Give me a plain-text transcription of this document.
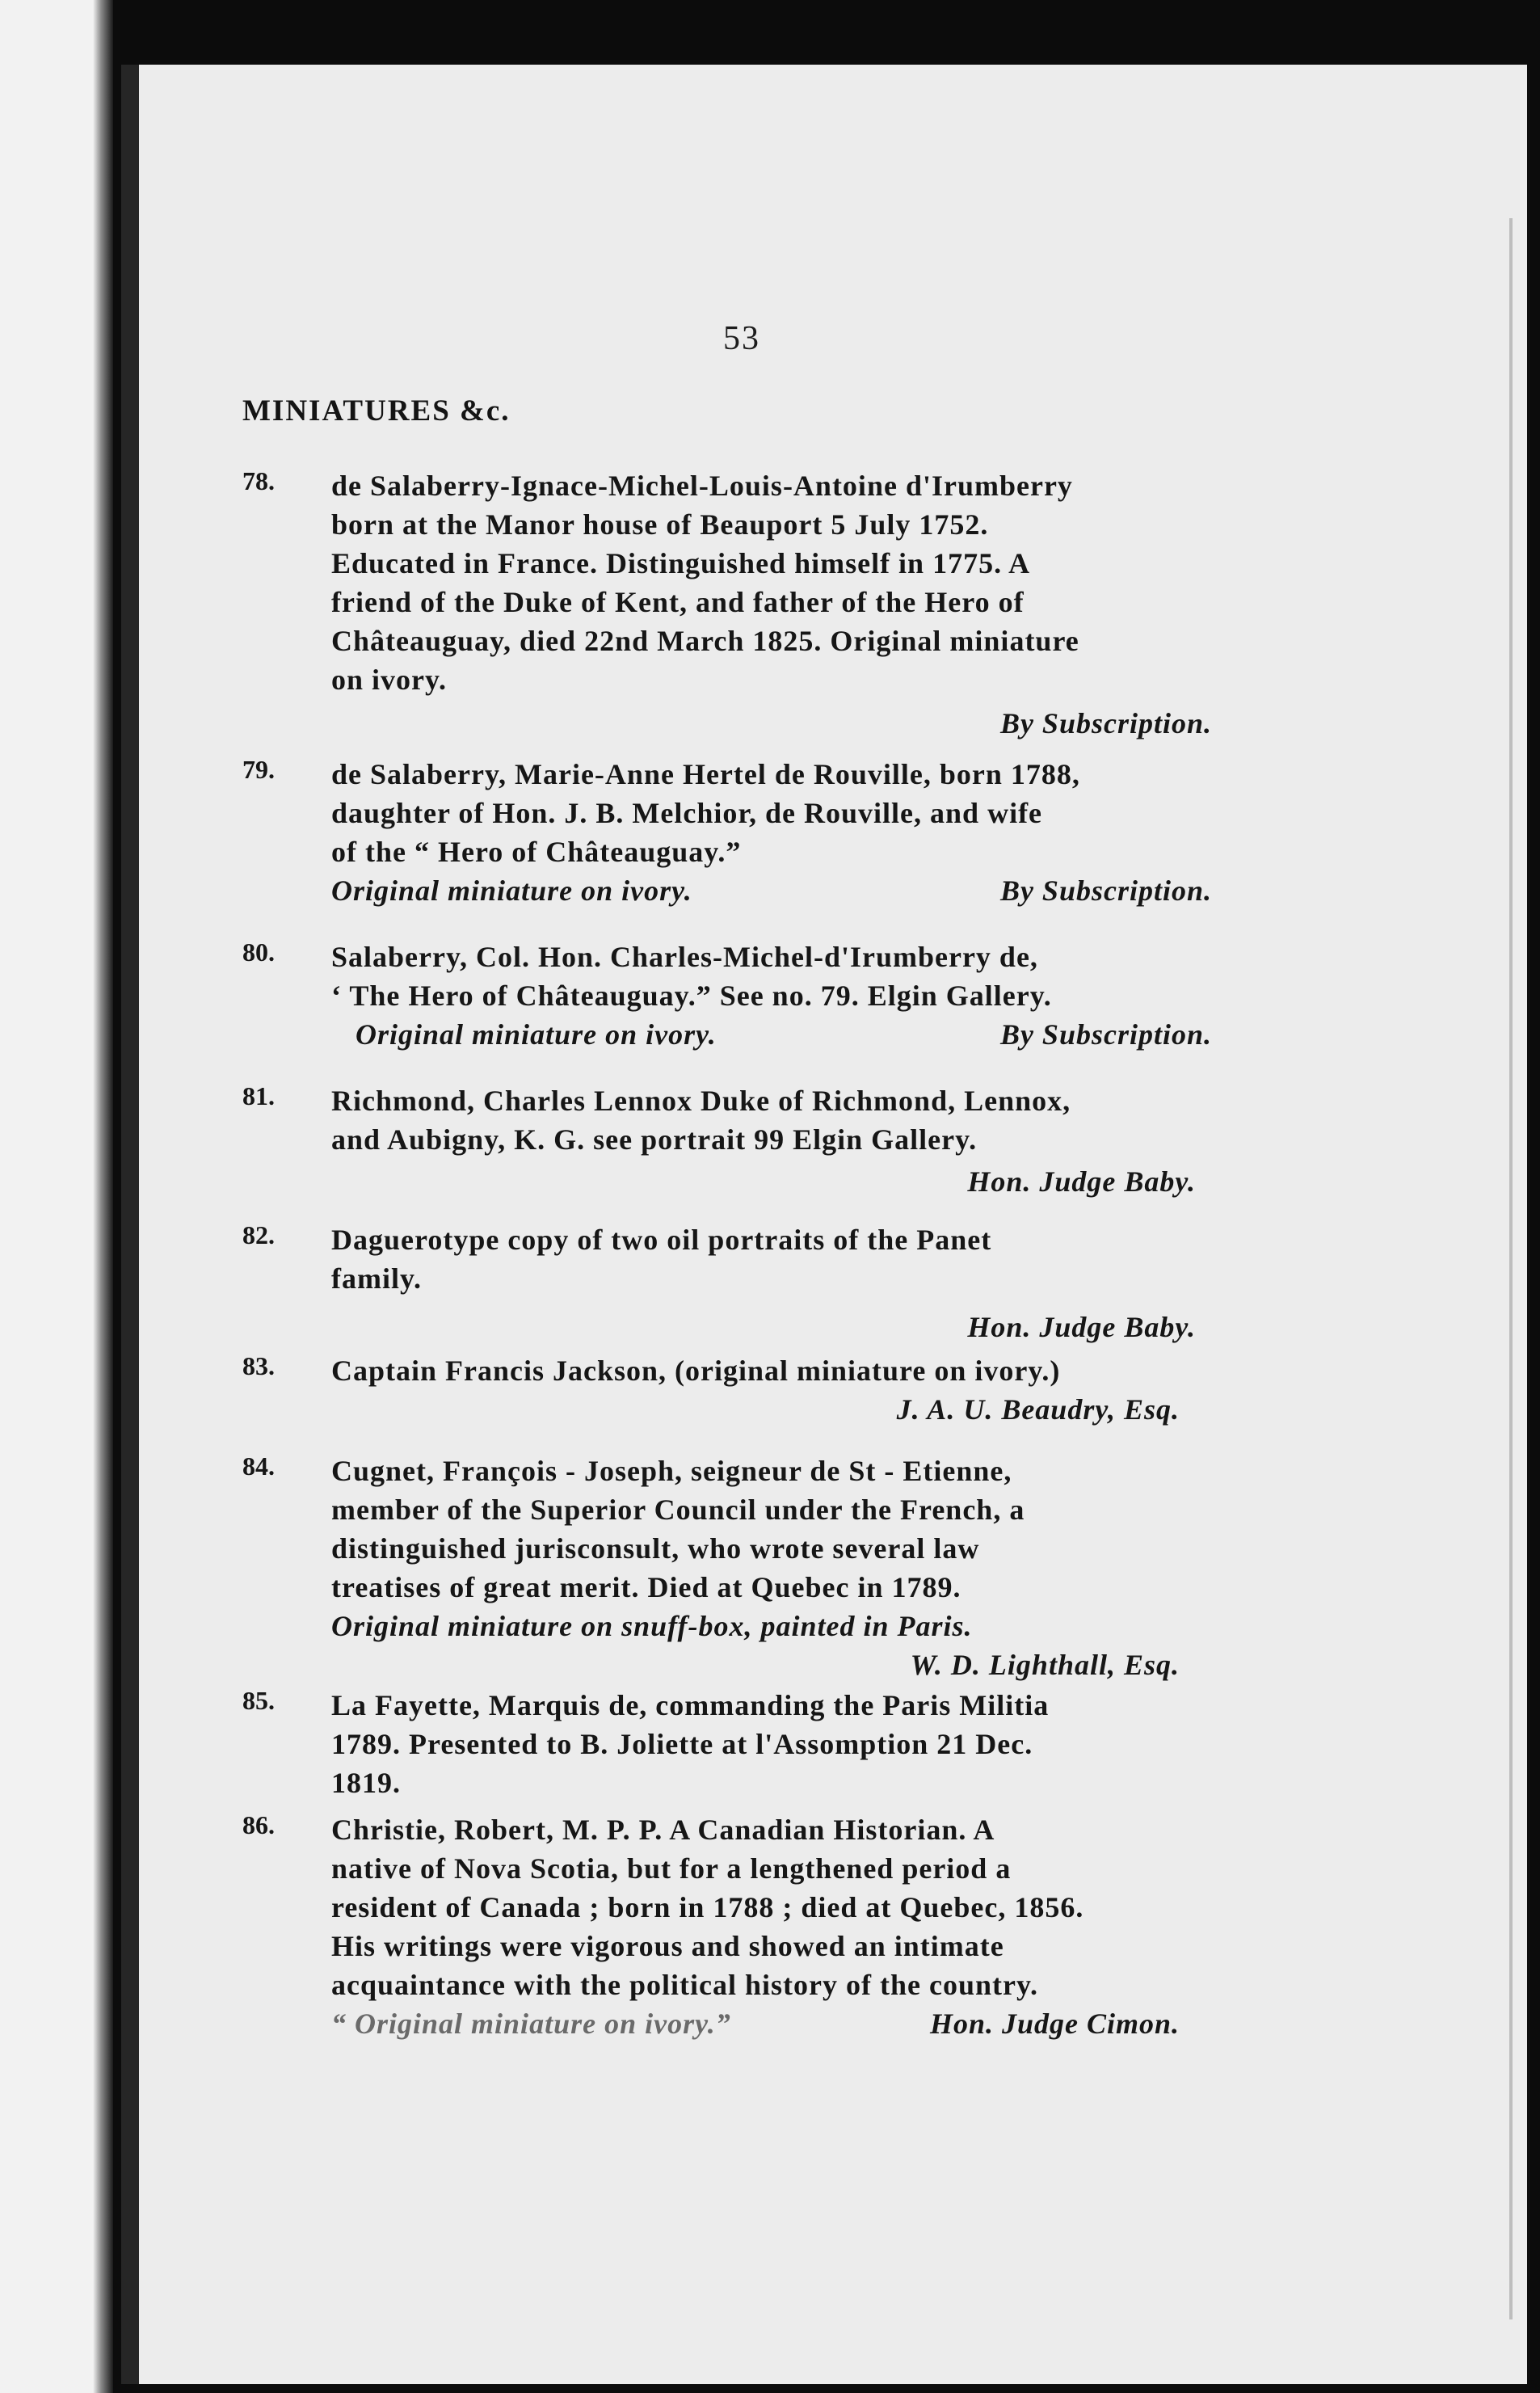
53
MINIATURES &c.
78.	de Salaberry-Ignace-Michel-Louis-Antoine d'Irumberry
born at the Manor house of Beauport 5 July 1752.
Educated in France. Distinguished himself in 1775. A
friend of the Duke of Kent, and father of the Hero of
Châteauguay, died 22nd March 1825. Original miniature
on ivory.
By Subscription.
79.	de Salaberry, Marie-Anne Hertel de Rouville, born 1788,
daughter of Hon. J. B. Melchior, de Rouville, and wife
of the “ Hero of Châteauguay.”
Original miniature on ivory.	By Subscription.
80.	Salaberry, Col. Hon. Charles-Michel-d'Irumberry de,
‘ The Hero of Châteauguay.” See no. 79. Elgin Gallery.
Original miniature on ivory.	By Subscription.
81.	Richmond, Charles Lennox Duke of Richmond, Lennox,
and Aubigny, K. G. see portrait 99 Elgin Gallery.
Hon. Judge Baby.
82.	Daguerotype copy of two oil portraits of the Panet
family.
Hon. Judge Baby.
83.	Captain Francis Jackson, (original miniature on ivory.)
J. A. U. Beaudry, Esq.
84.	Cugnet, François - Joseph, seigneur de St - Etienne,
member of the Superior Council under the French, a
distinguished jurisconsult, who wrote several law
treatises of great merit. Died at Quebec in 1789.
Original miniature on snuff-box, painted in Paris.
W. D. Lighthall, Esq.
85.	La Fayette, Marquis de, commanding the Paris Militia
1789. Presented to B. Joliette at l'Assomption 21 Dec.
1819.
86.	Christie, Robert, M. P. P. A Canadian Historian. A
native of Nova Scotia, but for a lengthened period a
resident of Canada ; born in 1788 ; died at Quebec, 1856.
His writings were vigorous and showed an intimate
acquaintance with the political history of the country.
“ Original miniature on ivory.”	Hon. Judge Cimon.
